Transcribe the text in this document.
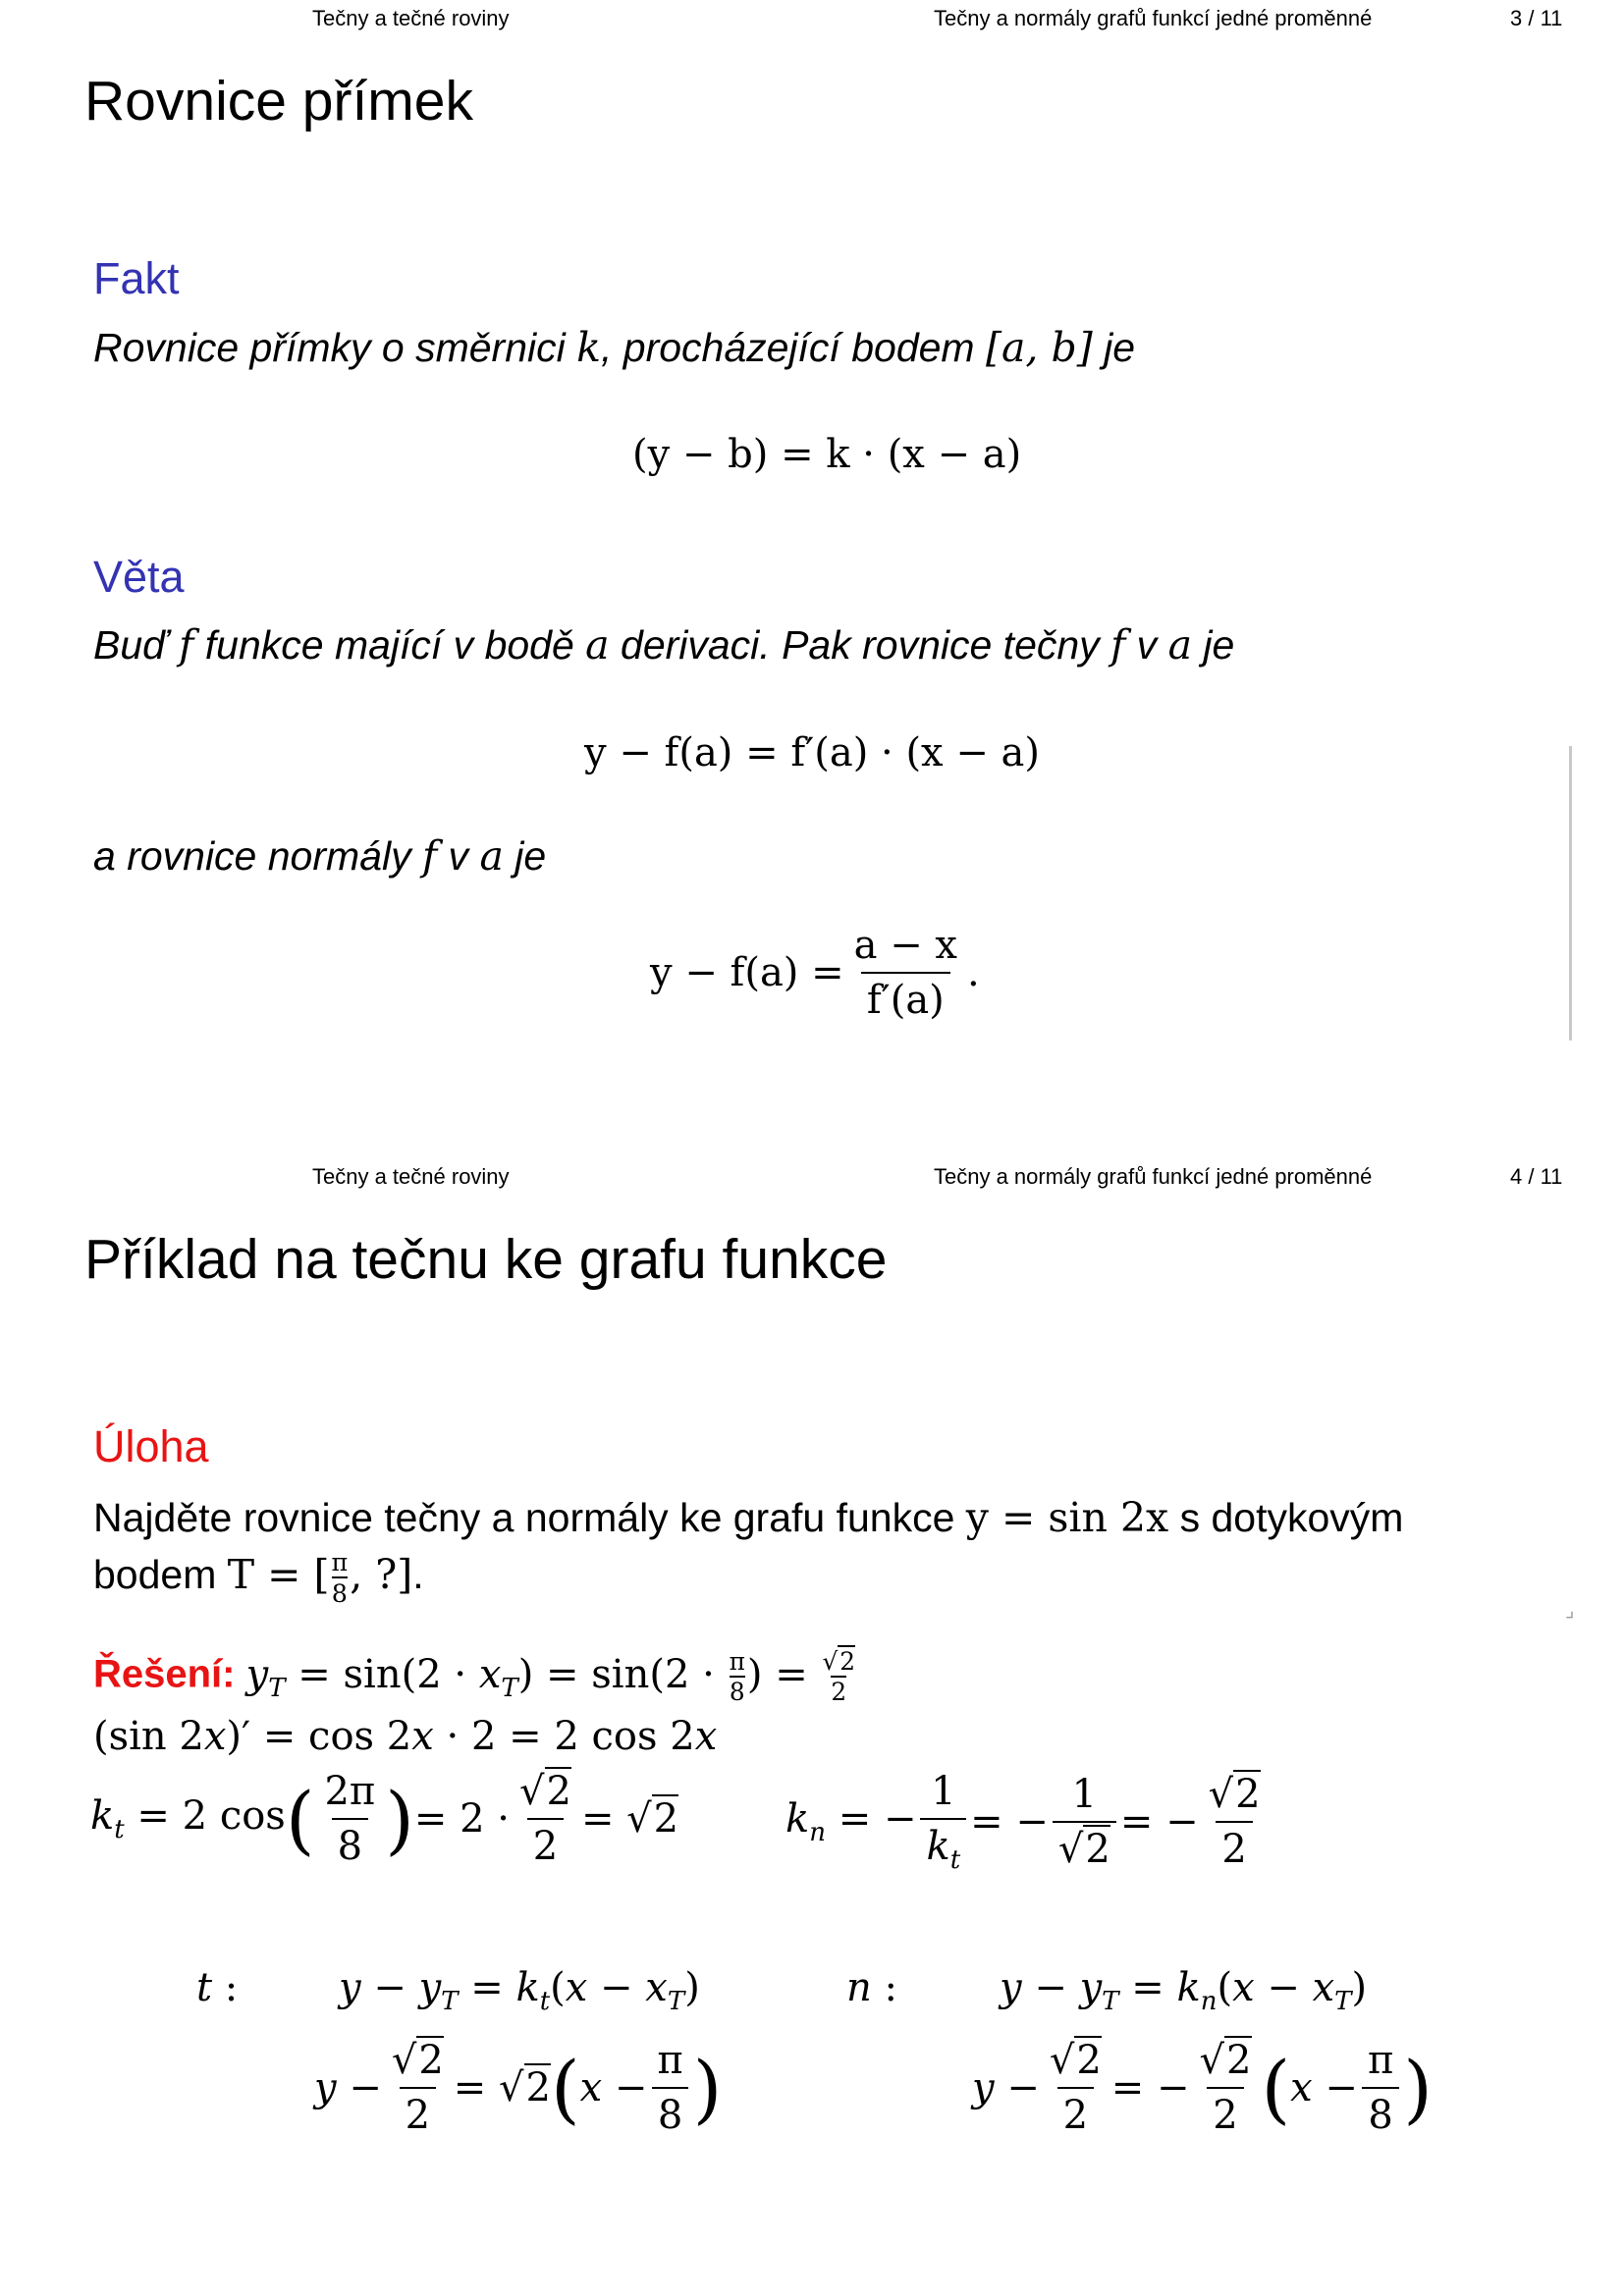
Tečny a tečné roviny	Tečny a normály grafů funkcí jedné proměnné	3 / 11
Rovnice přímek
Fakt
Rovnice přímky o směrnici k, procházející bodem [a, b] je
(y − b) = k · (x − a)
Věta
Buď f funkce mající v bodě a derivaci. Pak rovnice tečny f v a je
y − f(a) = f′(a) · (x − a)
a rovnice normály f v a je
$y - f(a) = \frac{a - x}{f'(a)}$ .
Tečny a tečné roviny	Tečny a normály grafů funkcí jedné proměnné	4 / 11
Příklad na tečnu ke grafu funkce
Úloha
Najděte rovnice tečny a normály ke grafu funkce y = sin 2x s dotykovým
bodem T = [ $\frac{\pi}{8}$ , ?].
Řešení: $y_T = \sin(2 \cdot x_T) = \sin(2 \cdot \frac{\pi}{8}$ ) = $\frac{√2}{2}$
(sin 2x)′ = cos 2x · 2 = 2 cos 2x
$k_t = 2$ cos ( $\frac{2\pi}{8}$ ) = $2 \cdot \frac{√2}{2} = √2$	$k_n$ = − $\frac{1}{k_t}$ = − $\frac{1}{√2}$ = − $\frac{√2}{2}$
t :	$y - y_T = k_t(x - x_T)$
$y - \frac{√2}{2} = √2$ ( $x - \frac{\pi}{8}$ )
n :	$y - y_T = k_n(x - x_T)$
$y - \frac{√2}{2}$ = − $\frac{√2}{2}$ ( $x - \frac{\pi}{8}$ )
⌟
